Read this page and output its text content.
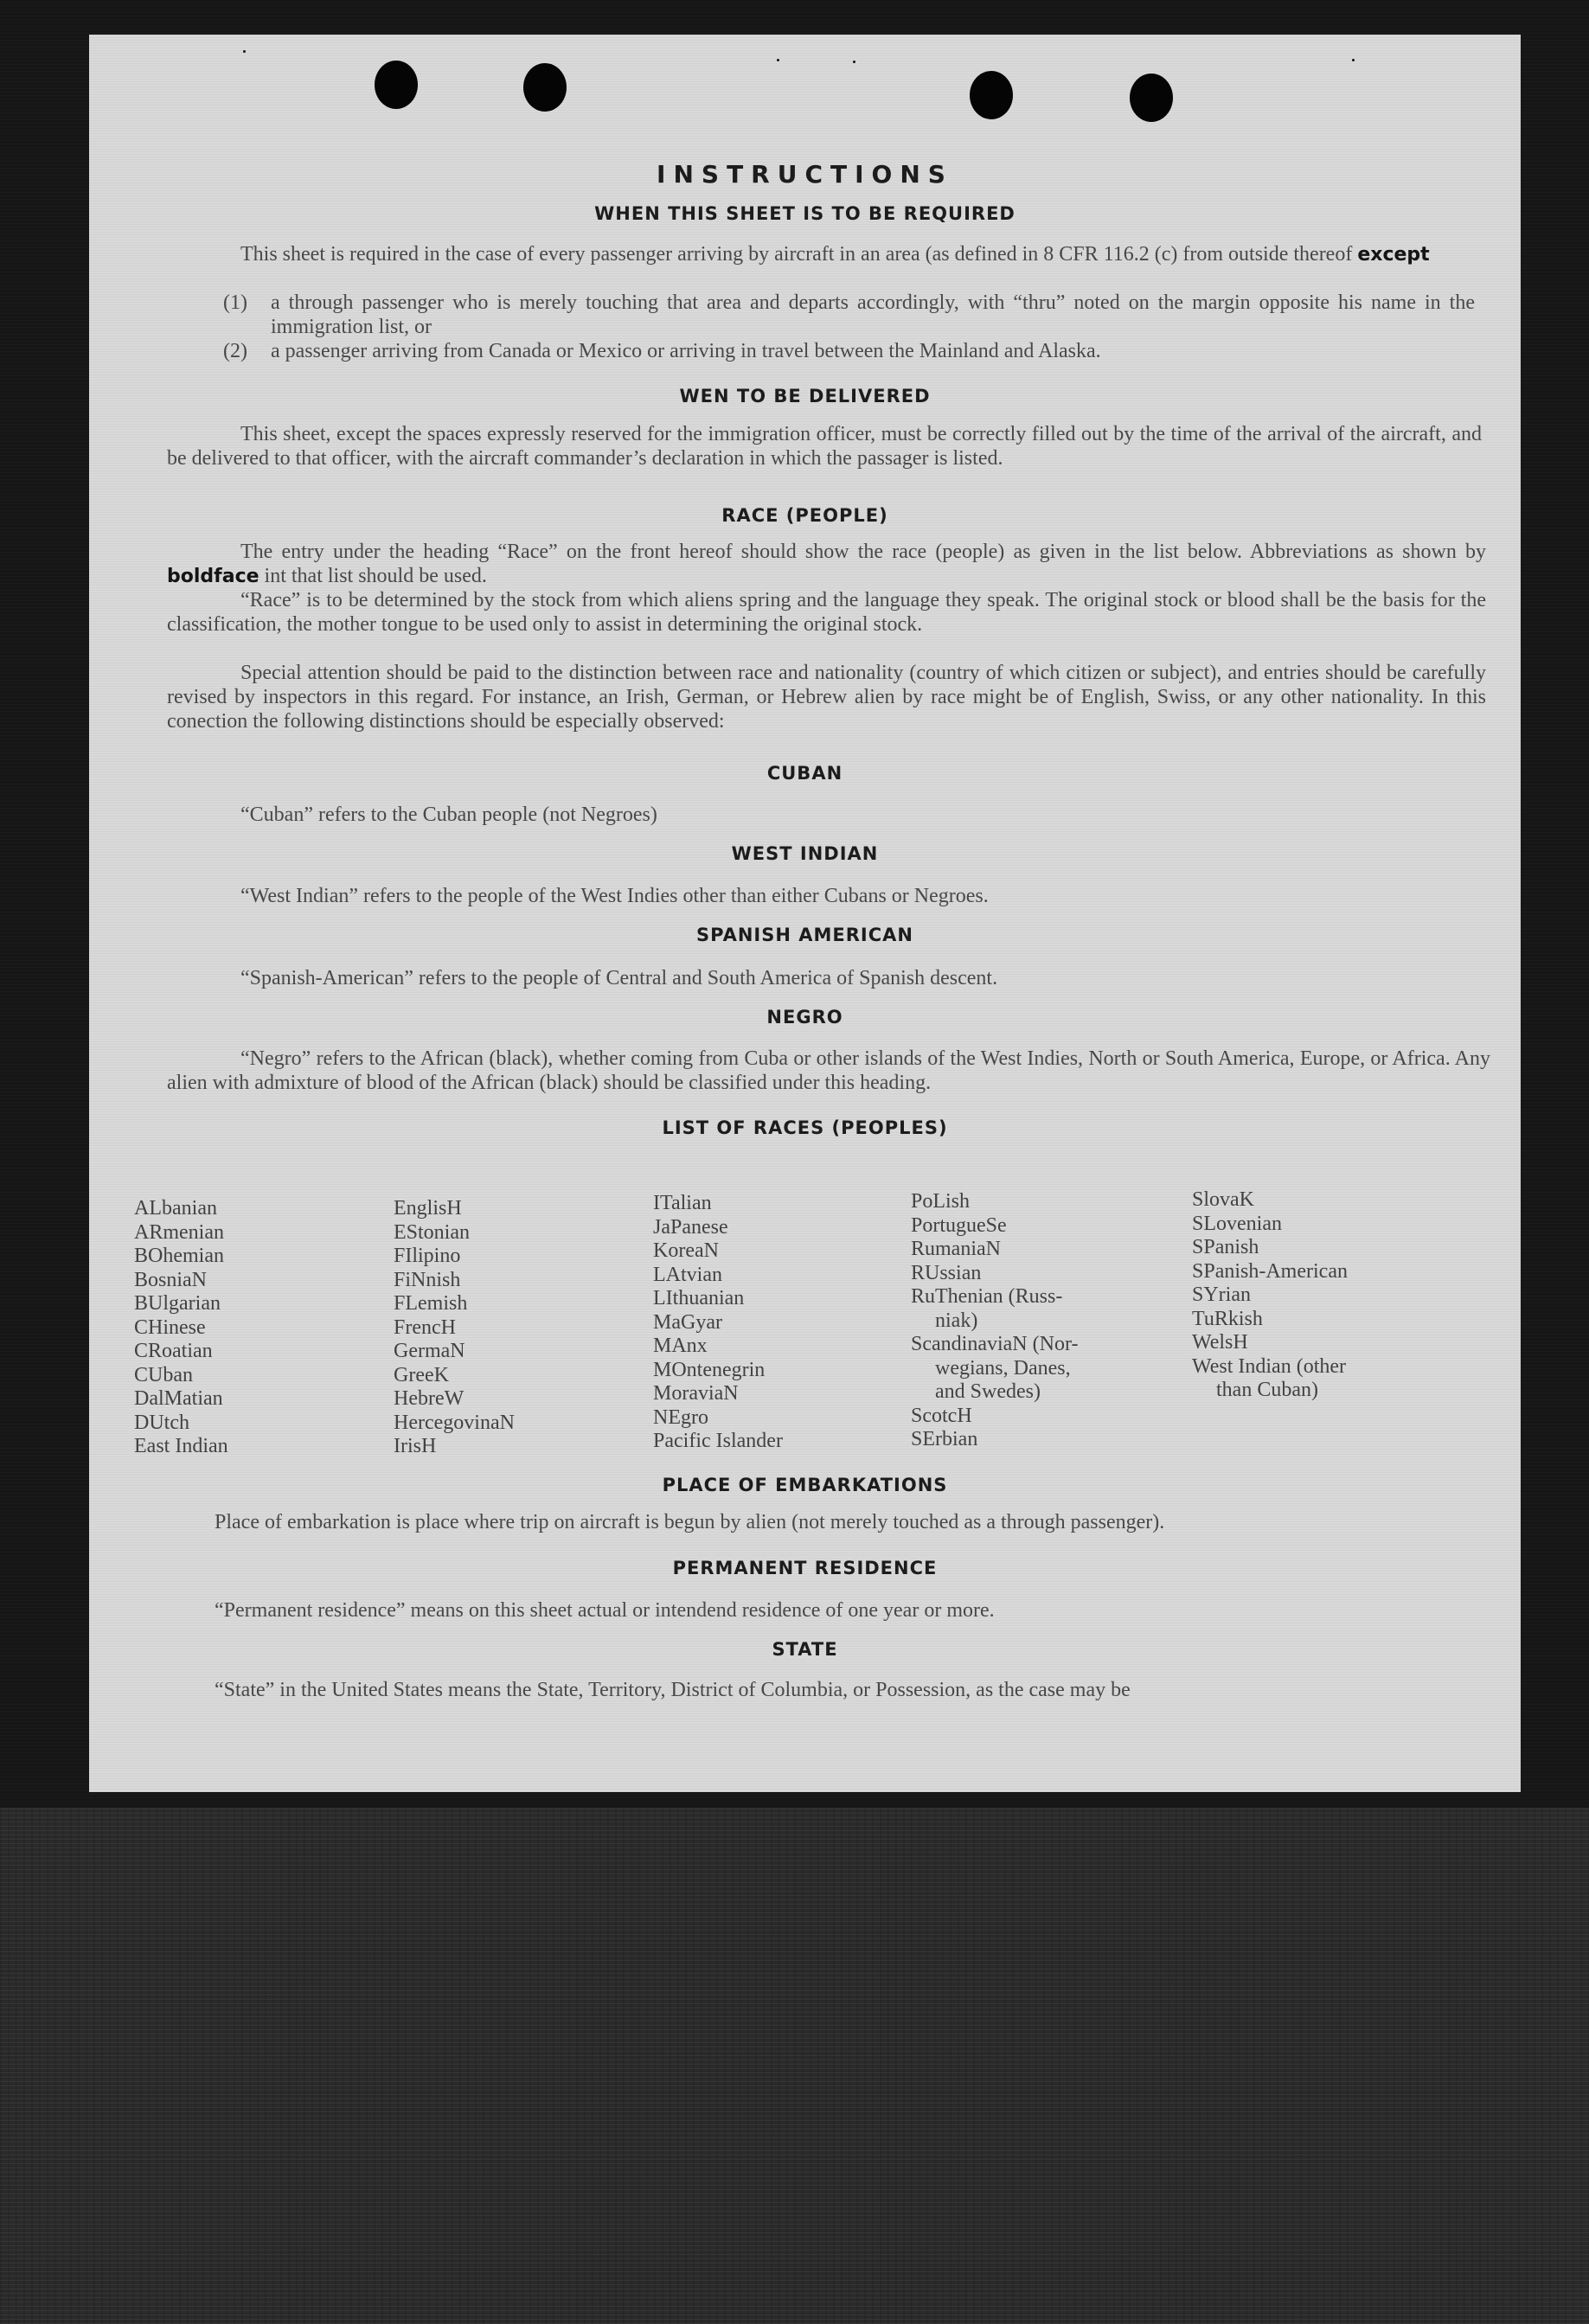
INSTRUCTIONS
WHEN THIS SHEET IS TO BE REQUIRED
This sheet is required in the case of every passenger arriving by aircraft in an area (as defined in 8 CFR 116.2 (c) from outside thereof except
(1) a through passenger who is merely touching that area and departs accordingly, with “thru” noted on the margin opposite his name in the immigration list, or
(2) a passenger arriving from Canada or Mexico or arriving in travel between the Mainland and Alaska.
WEN TO BE DELIVERED
This sheet, except the spaces expressly reserved for the immigration officer, must be correctly filled out by the time of the arrival of the aircraft, and be delivered to that officer, with the aircraft commander’s declaration in which the passager is listed.
RACE (PEOPLE)
The entry under the heading “Race” on the front hereof should show the race (people) as given in the list below. Abbreviations as shown by boldface int that list should be used.
“Race” is to be determined by the stock from which aliens spring and the language they speak. The original stock or blood shall be the basis for the classification, the mother tongue to be used only to assist in determining the original stock.
Special attention should be paid to the distinction between race and nationality (country of which citizen or subject), and entries should be carefully revised by inspectors in this regard. For instance, an Irish, German, or Hebrew alien by race might be of English, Swiss, or any other nationality. In this conection the following distinctions should be especially observed:
CUBAN
“Cuban” refers to the Cuban people (not Negroes)
WEST INDIAN
“West Indian” refers to the people of the West Indies other than either Cubans or Negroes.
SPANISH AMERICAN
“Spanish-American” refers to the people of Central and South America of Spanish descent.
NEGRO
“Negro” refers to the African (black), whether coming from Cuba or other islands of the West Indies, North or South America, Europe, or Africa. Any alien with admixture of blood of the African (black) should be classified under this heading.
LIST OF RACES (PEOPLES)
ALbanian
ARmenian
BOhemian
BosniaN
BUlgarian
CHinese
CRoatian
CUban
DalMatian
DUtch
East Indian
EnglisH
EStonian
FIlipino
FiNnish
FLemish
FrencH
GermaN
GreeK
HebreW
HercegovinaN
IrisH
ITalian
JaPanese
KoreaN
LAtvian
LIthuanian
MaGyar
MAnx
MOntenegrin
MoraviaN
NEgro
Pacific Islander
PoLish
PortugueSe
RumaniaN
RUssian
RuThenian (Russ-
niak)
ScandinaviaN (Nor-
wegians, Danes,
and Swedes)
ScotcH
SErbian
SlovaK
SLovenian
SPanish
SPanish-American
SYrian
TuRkish
WelsH
West Indian (other
than Cuban)
PLACE OF EMBARKATIONS
Place of embarkation is place where trip on aircraft is begun by alien (not merely touched as a through passenger).
PERMANENT RESIDENCE
“Permanent residence” means on this sheet actual or intendend residence of one year or more.
STATE
“State” in the United States means the State, Territory, District of Columbia, or Possession, as the case may be
